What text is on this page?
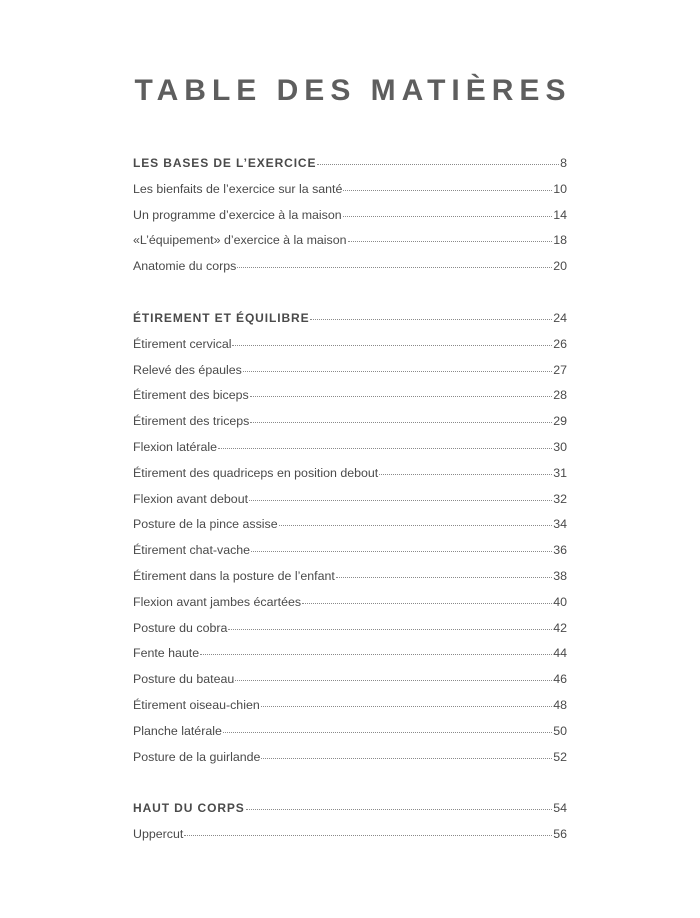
TABLE DES MATIÈRES
LES BASES DE L’EXERCICE	8
Les bienfaits de l’exercice sur la santé	10
Un programme d’exercice à la maison	14
«L’équipement» d’exercice à la maison	18
Anatomie du corps	20
ÉTIREMENT ET ÉQUILIBRE	24
Étirement cervical	26
Relevé des épaules	27
Étirement des biceps	28
Étirement des triceps	29
Flexion latérale	30
Étirement des quadriceps en position debout	31
Flexion avant debout	32
Posture de la pince assise	34
Étirement chat-vache	36
Étirement dans la posture de l’enfant	38
Flexion avant jambes écartées	40
Posture du cobra	42
Fente haute	44
Posture du bateau	46
Étirement oiseau-chien	48
Planche latérale	50
Posture de la guirlande	52
HAUT DU CORPS	54
Uppercut	56
